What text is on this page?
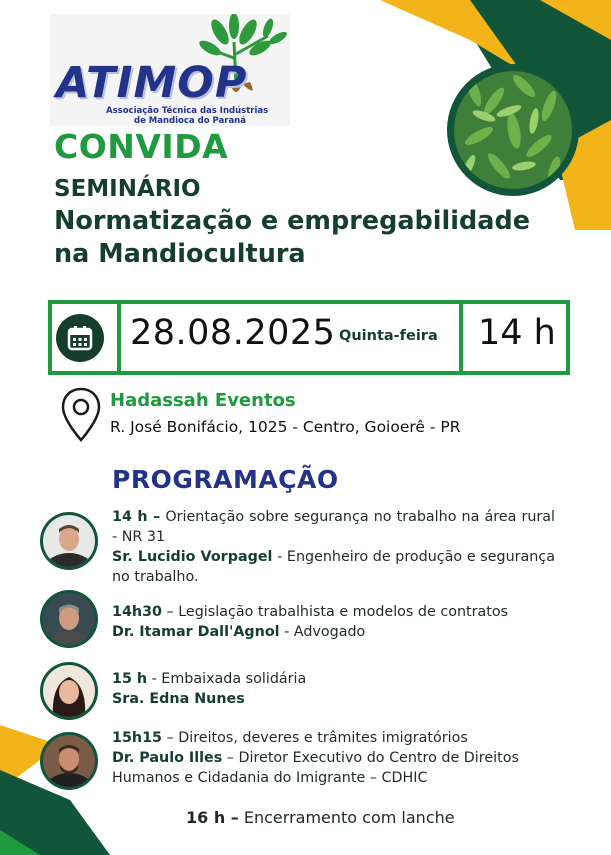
ATIMOP
Associação Técnica das Indústrias
de Mandioca do Paraná
CONVIDA
SEMINÁRIO
Normatização e empregabilidade
na Mandiocultura
28.08.2025 Quinta-feira 14 h
Hadassah Eventos
R. José Bonifácio, 1025 - Centro, Goioerê - PR
PROGRAMAÇÃO
14 h – Orientação sobre segurança no trabalho na área rural - NR 31
Sr. Lucidio Vorpagel - Engenheiro de produção e segurança no trabalho.
14h30 – Legislação trabalhista e modelos de contratos
Dr. Itamar Dall'Agnol - Advogado
15 h - Embaixada solidária
Sra. Edna Nunes
15h15 – Direitos, deveres e trâmites imigratórios
Dr. Paulo Illes – Diretor Executivo do Centro de Direitos Humanos e Cidadania do Imigrante – CDHIC
16 h – Encerramento com lanche
